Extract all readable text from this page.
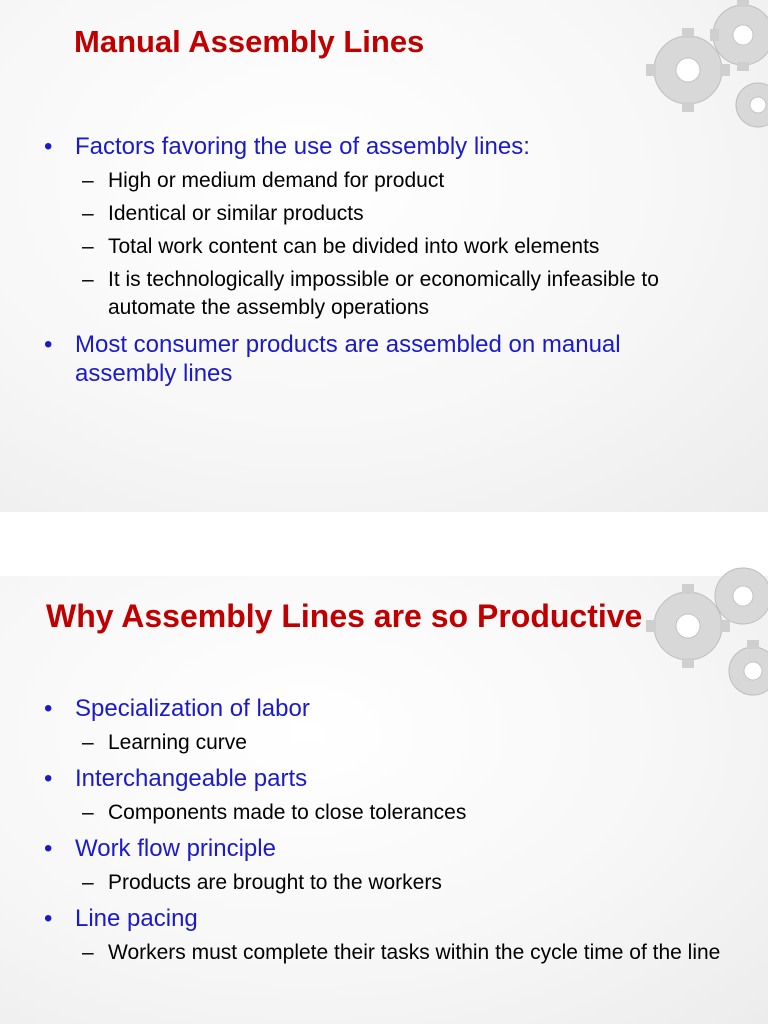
Manual Assembly Lines
• Factors favoring the use of assembly lines:
– High or medium demand for product
– Identical or similar products
– Total work content can be divided into work elements
– It is technologically impossible or economically infeasible to automate the assembly operations
• Most consumer products are assembled on manual assembly lines
Why Assembly Lines are so Productive
• Specialization of labor
– Learning curve
• Interchangeable parts
– Components made to close tolerances
• Work flow principle
– Products are brought to the workers
• Line pacing
– Workers must complete their tasks within the cycle time of the line
